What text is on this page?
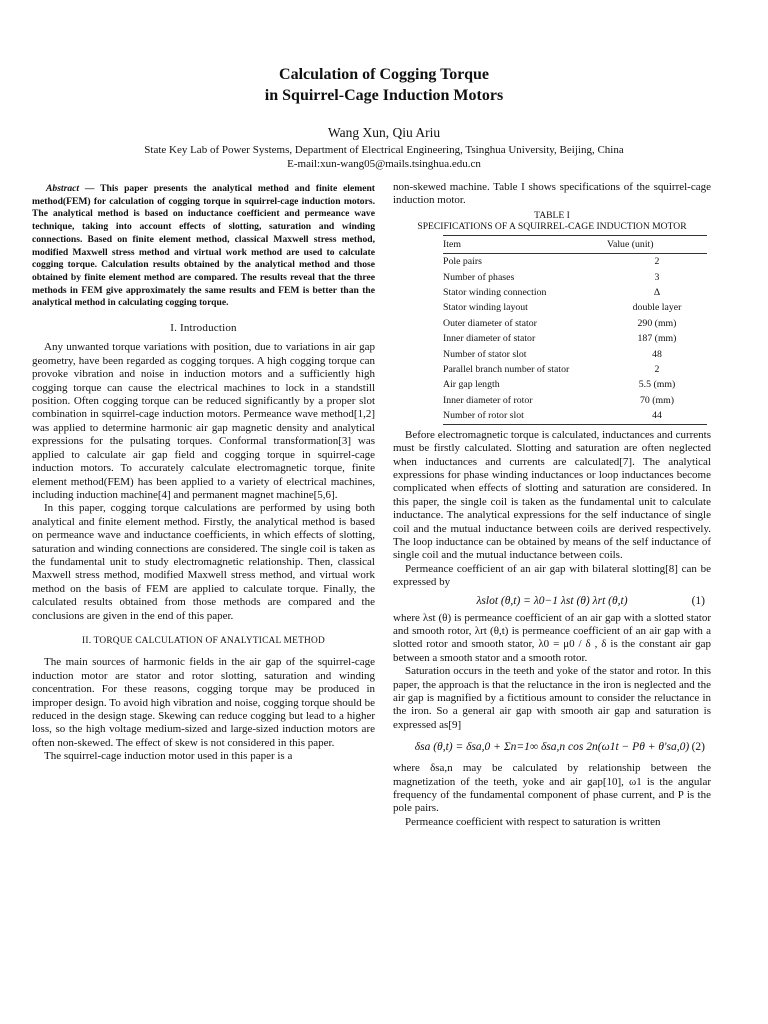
Calculation of Cogging Torque
in Squirrel-Cage Induction Motors
Wang Xun, Qiu Ariu
State Key Lab of Power Systems, Department of Electrical Engineering, Tsinghua University, Beijing, China
E-mail:xun-wang05@mails.tsinghua.edu.cn

Abstract — This paper presents the analytical method and finite element method(FEM) for calculation of cogging torque in squirrel-cage induction motors. The analytical method is based on inductance coefficient and permeance wave technique, taking into account effects of slotting, saturation and winding connections. Based on finite element method, classical Maxwell stress method, modified Maxwell stress method and virtual work method are used to calculate cogging torque. Calculation results obtained by the analytical method and those obtained by finite element method are compared. The results reveal that the three methods in FEM give approximately the same results and FEM is better than the analytical method in calculating cogging torque.

I. Introduction

Any unwanted torque variations with position, due to variations in air gap geometry, have been regarded as cogging torques. A high cogging torque can provoke vibration and noise in induction motors and a sufficiently high cogging torque can cause the electrical machines to lock in a standstill position. Often cogging torque can be reduced significantly by a proper slot combination in squirrel-cage induction motors. Permeance wave method[1,2] was applied to determine harmonic air gap magnetic density and analytical expressions for the pulsating torques. Conformal transformation[3] was applied to calculate air gap field and cogging torque in squirrel-cage induction motors. To accurately calculate electromagnetic torque, finite element method(FEM) has been applied to a variety of electrical machines, including induction machine[4] and permanent magnet machine[5,6].

In this paper, cogging torque calculations are performed by using both analytical and finite element method. Firstly, the analytical method is based on permeance wave and inductance coefficients, in which effects of slotting, saturation and winding connections are considered. The single coil is taken as the fundamental unit to study electromagnetic relationship. Then, classical Maxwell stress method, modified Maxwell stress method, and virtual work method on the basis of FEM are applied to calculate torque. Finally, the calculated results obtained from those methods are compared and the conclusions are given in the end of this paper.

II. TORQUE CALCULATION OF ANALYTICAL METHOD

The main sources of harmonic fields in the air gap of the squirrel-cage induction motor are stator and rotor slotting, saturation and winding concentration. For these reasons, cogging torque may be produced in improper design. To avoid high vibration and noise, cogging torque should be reduced in the design stage. Skewing can reduce cogging but lead to a higher loss, so the high voltage medium-sized and large-sized induction motors are often non-skewed. The effect of skew is not considered in this paper.

The squirrel-cage induction motor used in this paper is a

non-skewed machine. Table I shows specifications of the squirrel-cage induction motor.

TABLE I
SPECIFICATIONS OF A SQUIRREL-CAGE INDUCTION MOTOR
Item	Value (unit)
Pole pairs	2
Number of phases	3
Stator winding connection	Δ
Stator winding layout	double layer
Outer diameter of stator	290 (mm)
Inner diameter of stator	187 (mm)
Number of stator slot	48
Parallel branch number of stator	2
Air gap length	5.5 (mm)
Inner diameter of rotor	70 (mm)
Number of rotor slot	44

Before electromagnetic torque is calculated, inductances and currents must be firstly calculated. Slotting and saturation are often neglected when inductances and currents are calculated[7]. The analytical expressions for phase winding inductances or loop inductances become complicated when effects of slotting and saturation are considered. In this paper, the single coil is taken as the fundamental unit to calculate inductance. The analytical expressions for the self inductance of single coil and the mutual inductance between coils are derived respectively. The loop inductance can be obtained by means of the self inductance of single coil and the mutual inductance between coils.

Permeance coefficient of an air gap with bilateral slotting[8] can be expressed by

λslot (θ,t) = λ0−1 λst (θ) λrt (θ,t)	(1)

where λst (θ) is permeance coefficient of an air gap with a slotted stator and smooth rotor, λrt (θ,t) is permeance coefficient of an air gap with a slotted rotor and smooth stator, λ0 = μ0 / δ , δ is the constant air gap between a smooth stator and a smooth rotor.

Saturation occurs in the teeth and yoke of the stator and rotor. In this paper, the approach is that the reluctance in the iron is neglected and the air gap is magnified by a fictitious amount to consider the reluctance in the iron. So a general air gap with smooth air gap and saturation is expressed as[9]

δsa (θ,t) = δsa,0 + Σn=1∞ δsa,n cos 2n(ω1t − Pθ + θ′sa,0) (2)

where δsa,n may be calculated by relationship between the magnetization of the teeth, yoke and air gap[10], ω1 is the angular frequency of the fundamental component of phase current, and P is the pole pairs.

Permeance coefficient with respect to saturation is written
